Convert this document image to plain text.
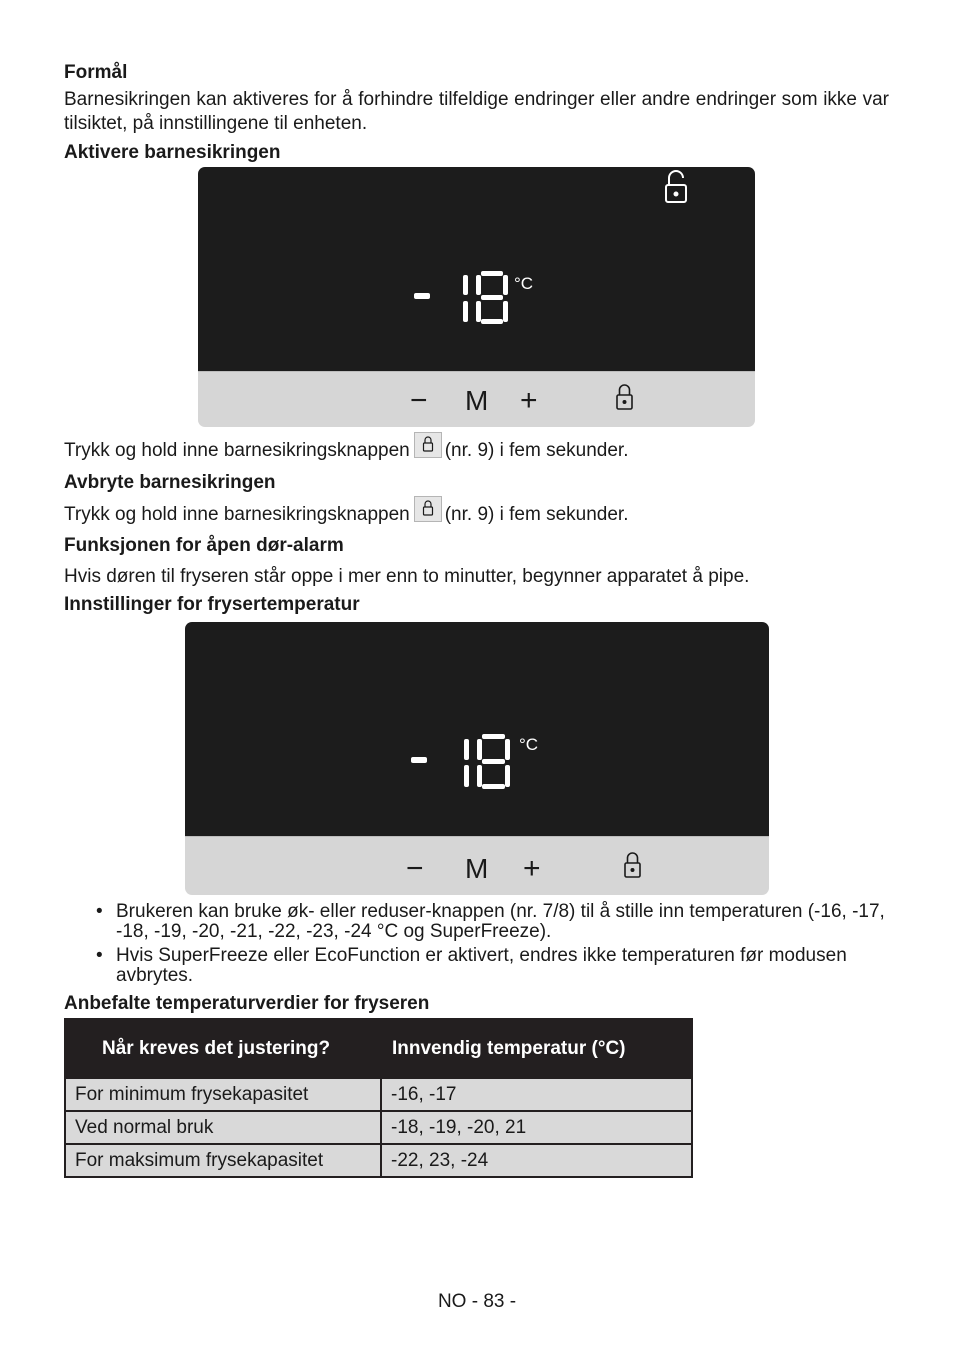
Formål
Barnesikringen kan aktiveres for å forhindre tilfeldige endringer eller andre endringer som ikke var tilsiktet, på innstillingene til enheten.
Aktivere barnesikringen
°C
− M +
Trykk og hold inne barnesikringsknappen (nr. 9) i fem sekunder.
Avbryte barnesikringen
Trykk og hold inne barnesikringsknappen (nr. 9) i fem sekunder.
Funksjonen for åpen dør-alarm
Hvis døren til fryseren står oppe i mer enn to minutter, begynner apparatet å pipe.
Innstillinger for frysertemperatur
°C
− M +
• Brukeren kan bruke øk- eller reduser-knappen (nr. 7/8) til å stille inn temperaturen (-16, -17, -18, -19, -20, -21, -22, -23, -24 °C og SuperFreeze).
• Hvis SuperFreeze eller EcoFunction er aktivert, endres ikke temperaturen før modusen avbrytes.
Anbefalte temperaturverdier for fryseren
Når kreves det justering?	Innvendig temperatur (°C)
For minimum frysekapasitet	-16, -17
Ved normal bruk	-18, -19, -20, 21
For maksimum frysekapasitet	-22, 23, -24
NO - 83 -
